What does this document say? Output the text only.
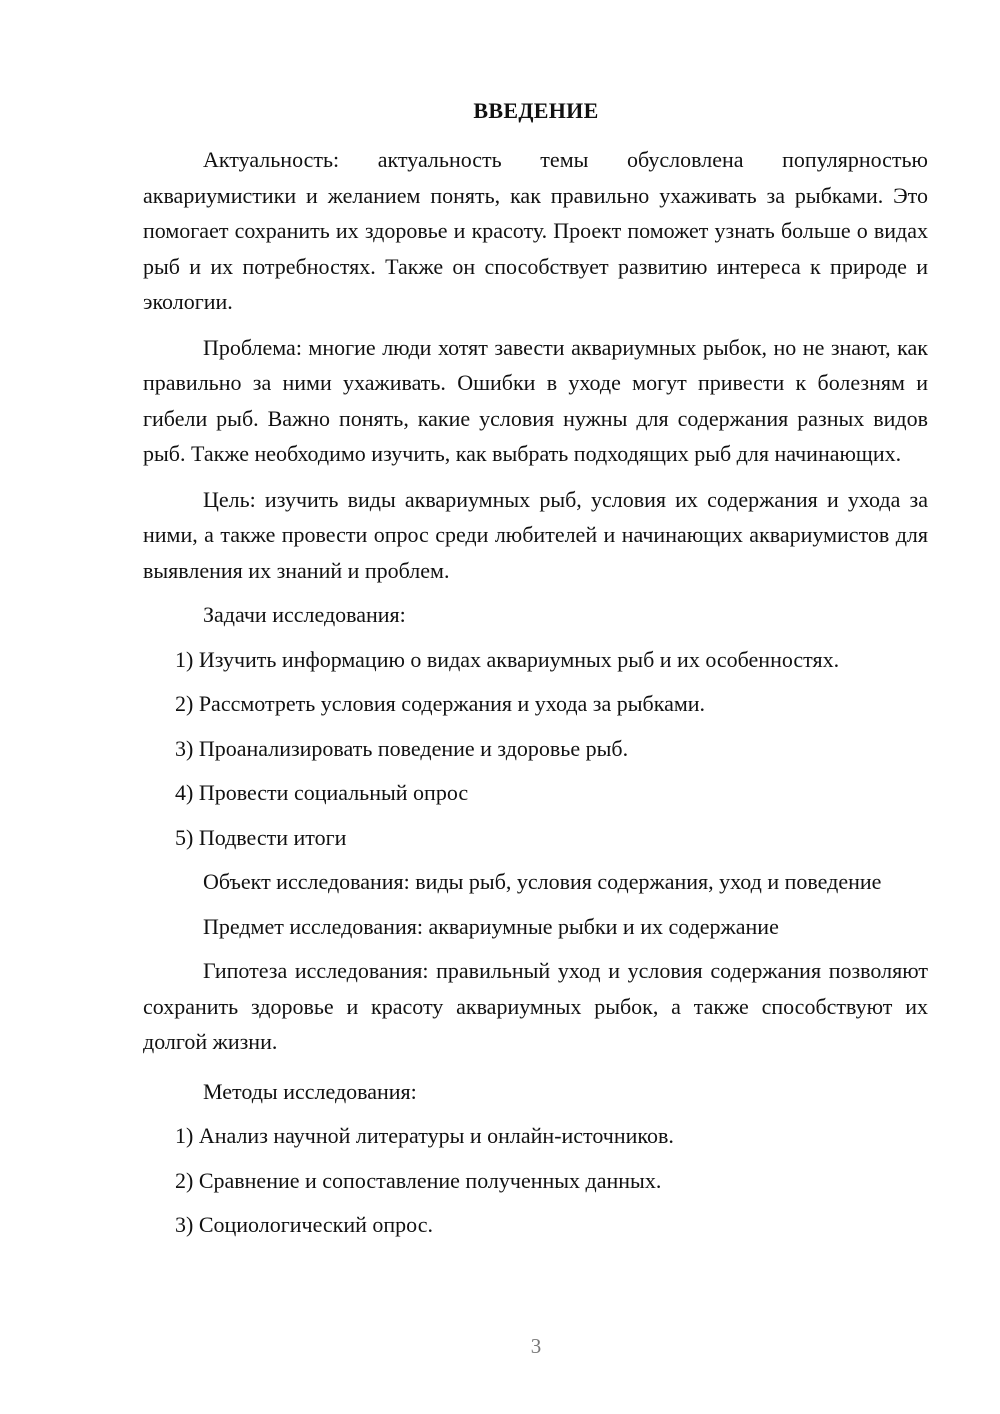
ВВЕДЕНИЕ

Актуальность: актуальность темы обусловлена популярностью аквариумистики и желанием понять, как правильно ухаживать за рыбками. Это помогает сохранить их здоровье и красоту. Проект поможет узнать больше о видах рыб и их потребностях. Также он способствует развитию интереса к природе и экологии.

Проблема: многие люди хотят завести аквариумных рыбок, но не знают, как правильно за ними ухаживать. Ошибки в уходе могут привести к болезням и гибели рыб. Важно понять, какие условия нужны для содержания разных видов рыб. Также необходимо изучить, как выбрать подходящих рыб для начинающих.

Цель: изучить виды аквариумных рыб, условия их содержания и ухода за ними, а также провести опрос среди любителей и начинающих аквариумистов для выявления их знаний и проблем.

Задачи исследования:

1) Изучить информацию о видах аквариумных рыб и их особенностях.

2) Рассмотреть условия содержания и ухода за рыбками.

3) Проанализировать поведение и здоровье рыб.

4) Провести социальный опрос

5) Подвести итоги

Объект исследования: виды рыб, условия содержания, уход и поведение

Предмет исследования: аквариумные рыбки и их содержание

Гипотеза исследования: правильный уход и условия содержания позволяют сохранить здоровье и красоту аквариумных рыбок, а также способствуют их долгой жизни.

Методы исследования:

1) Анализ научной литературы и онлайн-источников.

2) Сравнение и сопоставление полученных данных.

3) Социологический опрос.

3
